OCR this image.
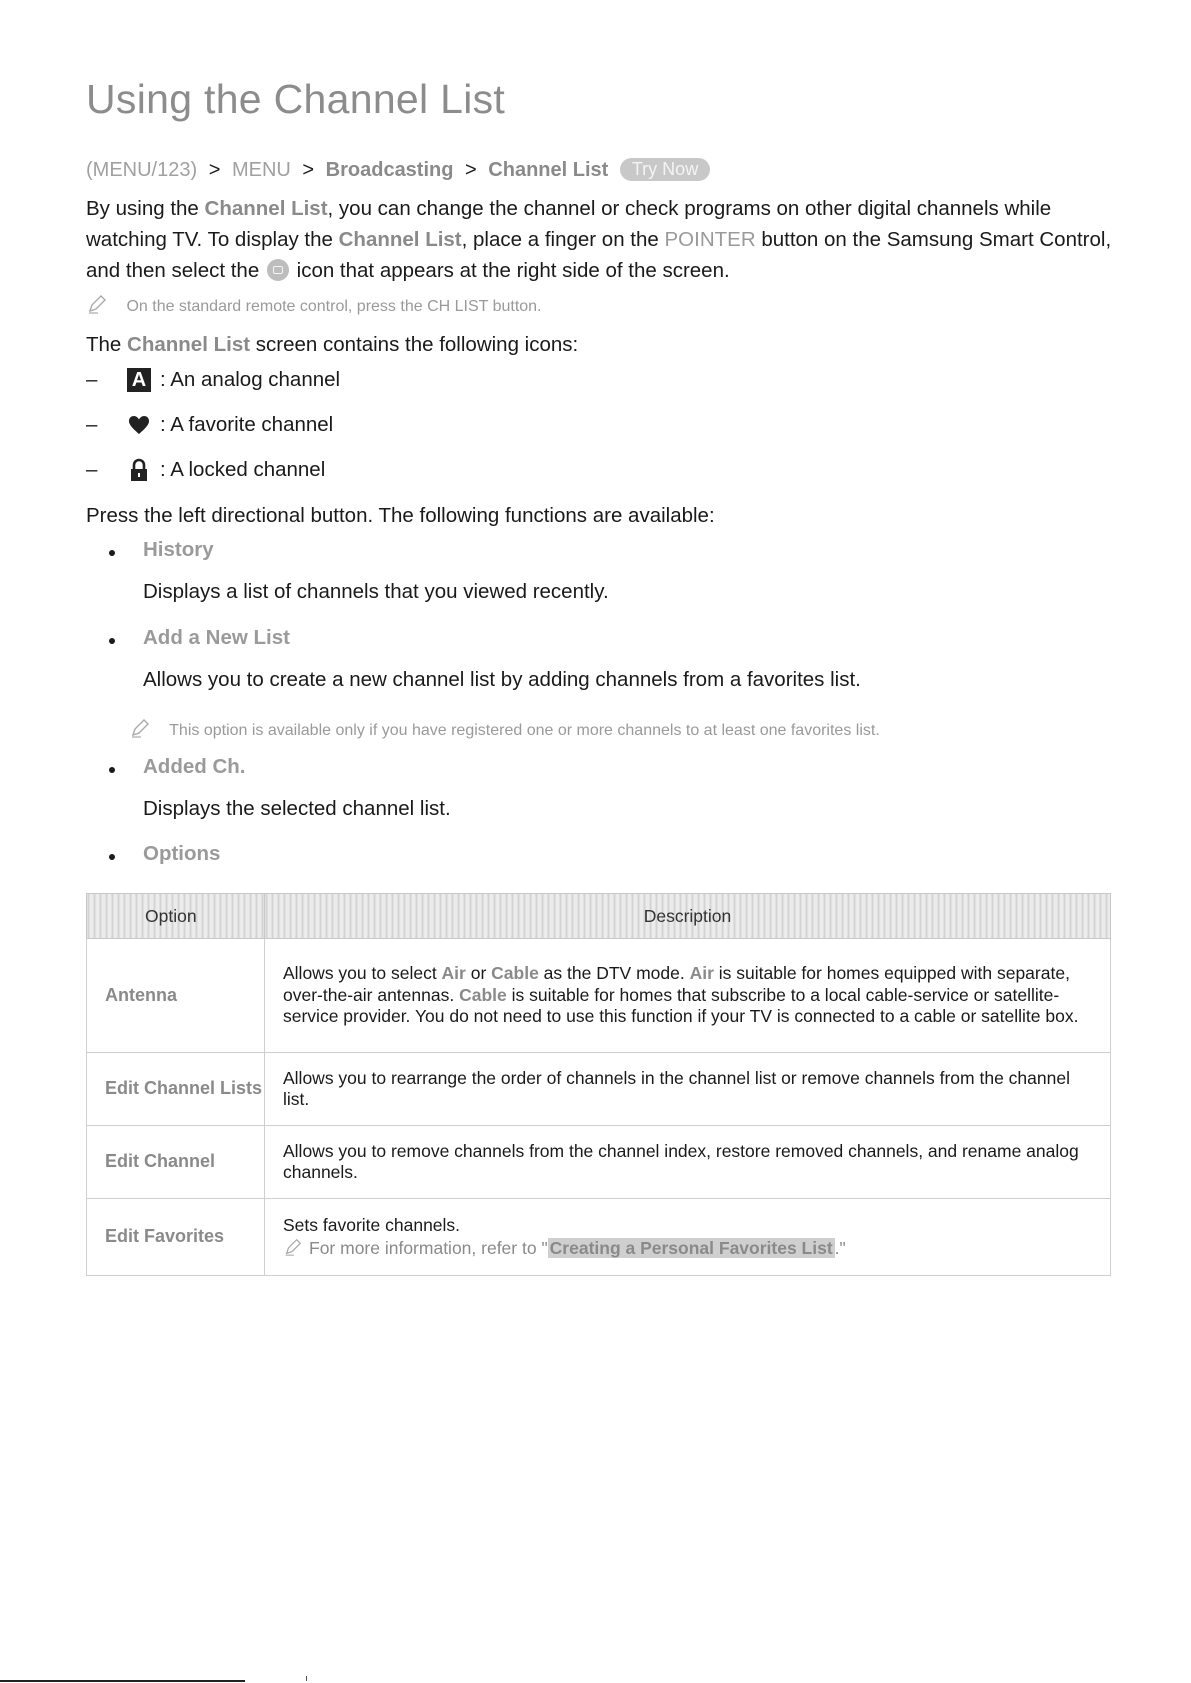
Using the Channel List
(MENU/123) > MENU > Broadcasting > Channel List Try Now
By using the Channel List, you can change the channel or check programs on other digital channels while watching TV. To display the Channel List, place a finger on the POINTER button on the Samsung Smart Control, and then select the  icon that appears at the right side of the screen.
On the standard remote control, press the CH LIST button.
The Channel List screen contains the following icons:
–	A : An analog channel
–	: A favorite channel
–	: A locked channel
Press the left directional button. The following functions are available:
History
Displays a list of channels that you viewed recently.
Add a New List
Allows you to create a new channel list by adding channels from a favorites list.
This option is available only if you have registered one or more channels to at least one favorites list.
Added Ch.
Displays the selected channel list.
Options
Option	Description
Antenna	Allows you to select Air or Cable as the DTV mode. Air is suitable for homes equipped with separate, over-the-air antennas. Cable is suitable for homes that subscribe to a local cable-service or satellite-service provider. You do not need to use this function if your TV is connected to a cable or satellite box.
Edit Channel Lists	Allows you to rearrange the order of channels in the channel list or remove channels from the channel list.
Edit Channel	Allows you to remove channels from the channel index, restore removed channels, and rename analog channels.
Edit Favorites	Sets favorite channels.
For more information, refer to " Creating a Personal Favorites List ."
